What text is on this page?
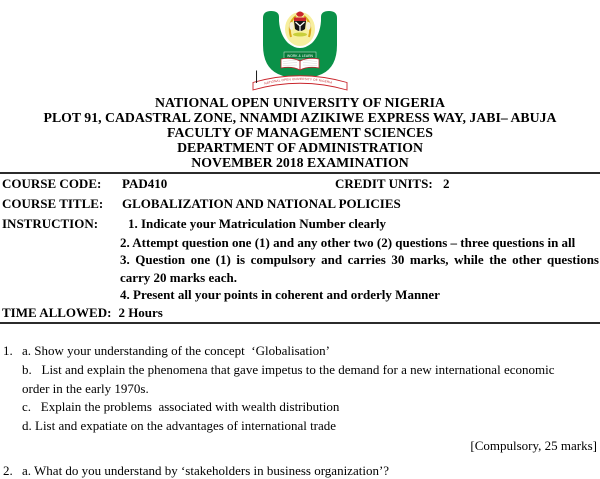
WORK & LEARN
NATIONAL OPEN UNIVERSITY OF NIGERIA
|
NATIONAL OPEN UNIVERSITY OF NIGERIA
PLOT 91, CADASTRAL ZONE, NNAMDI AZIKIWE EXPRESS WAY, JABI– ABUJA
FACULTY OF MANAGEMENT SCIENCES
DEPARTMENT OF ADMINISTRATION
NOVEMBER 2018 EXAMINATION
COURSE CODE:	PAD410	CREDIT UNITS: 2
COURSE TITLE:	GLOBALIZATION AND NATIONAL POLICIES
INSTRUCTION:	1. Indicate your Matriculation Number clearly
2. Attempt question one (1) and any other two (2) questions – three questions in all
3. Question one (1) is compulsory and carries 30 marks, while the other questions carry 20 marks each.
4. Present all your points in coherent and orderly Manner
TIME ALLOWED: 2 Hours
1. a. Show your understanding of the concept  ‘Globalisation’
b.   List and explain the phenomena that gave impetus to the demand for a new international economic order in the early 1970s.
c.   Explain the problems  associated with wealth distribution
d. List and expatiate on the advantages of international trade
[Compulsory, 25 marks]
2. a. What do you understand by ‘stakeholders in business organization’?
